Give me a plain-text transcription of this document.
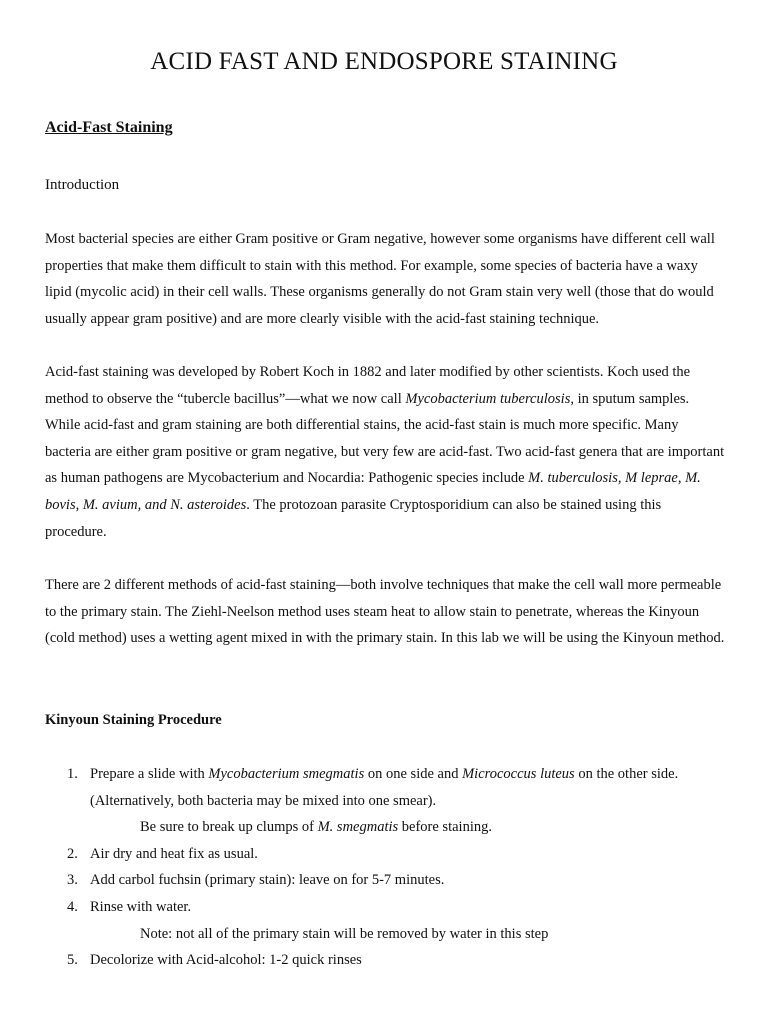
ACID FAST AND ENDOSPORE STAINING
Acid-Fast Staining
Introduction

Most bacterial species are either Gram positive or Gram negative, however some organisms have different cell wall properties that make them difficult to stain with this method. For example, some species of bacteria have a waxy lipid (mycolic acid) in their cell walls. These organisms generally do not Gram stain very well (those that do would usually appear gram positive) and are more clearly visible with the acid-fast staining technique.

Acid-fast staining was developed by Robert Koch in 1882 and later modified by other scientists. Koch used the method to observe the “tubercle bacillus”—what we now call Mycobacterium tuberculosis, in sputum samples. While acid-fast and gram staining are both differential stains, the acid-fast stain is much more specific. Many bacteria are either gram positive or gram negative, but very few are acid-fast. Two acid-fast genera that are important as human pathogens are Mycobacterium and Nocardia: Pathogenic species include M. tuberculosis, M leprae, M. bovis, M. avium, and N. asteroides. The protozoan parasite Cryptosporidium can also be stained using this procedure.

There are 2 different methods of acid-fast staining—both involve techniques that make the cell wall more permeable to the primary stain. The Ziehl-Neelson method uses steam heat to allow stain to penetrate, whereas the Kinyoun (cold method) uses a wetting agent mixed in with the primary stain. In this lab we will be using the Kinyoun method.

Kinyoun Staining Procedure
1. Prepare a slide with Mycobacterium smegmatis on one side and Micrococcus luteus on the other side. (Alternatively, both bacteria may be mixed into one smear).
Be sure to break up clumps of M. smegmatis before staining.
2. Air dry and heat fix as usual.
3. Add carbol fuchsin (primary stain): leave on for 5-7 minutes.
4. Rinse with water.
Note: not all of the primary stain will be removed by water in this step
5. Decolorize with Acid-alcohol: 1-2 quick rinses
